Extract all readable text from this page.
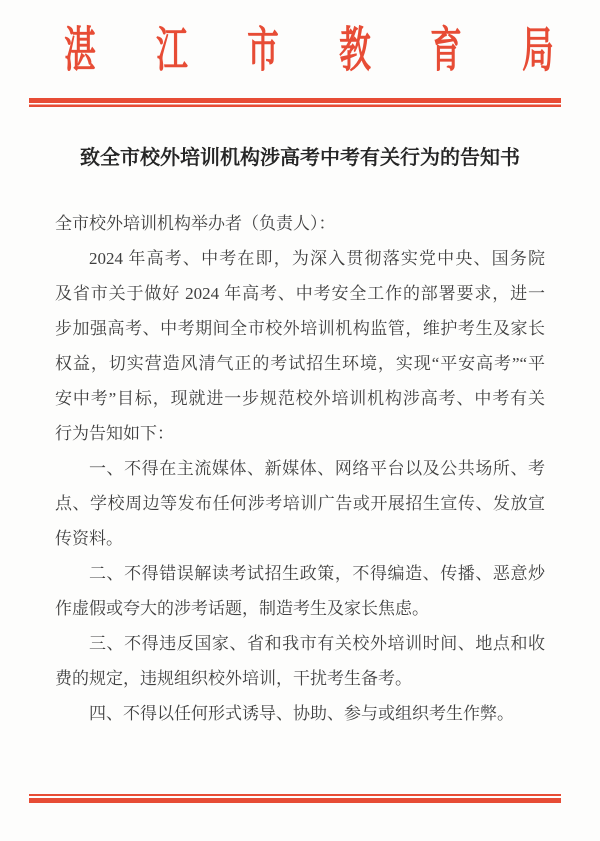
湛 江 市 教 育 局
致全市校外培训机构涉高考中考有关行为的告知书
全市校外培训机构举办者（负责人）：
2024 年高考、中考在即，为深入贯彻落实党中央、国务院
及省市关于做好 2024 年高考、中考安全工作的部署要求，进一
步加强高考、中考期间全市校外培训机构监管，维护考生及家长
权益，切实营造风清气正的考试招生环境，实现“平安高考”“平
安中考”目标，现就进一步规范校外培训机构涉高考、中考有关
行为告知如下：
一、不得在主流媒体、新媒体、网络平台以及公共场所、考
点、学校周边等发布任何涉考培训广告或开展招生宣传、发放宣
传资料。
二、不得错误解读考试招生政策，不得编造、传播、恶意炒
作虚假或夸大的涉考话题，制造考生及家长焦虑。
三、不得违反国家、省和我市有关校外培训时间、地点和收
费的规定，违规组织校外培训，干扰考生备考。
四、不得以任何形式诱导、协助、参与或组织考生作弊。
